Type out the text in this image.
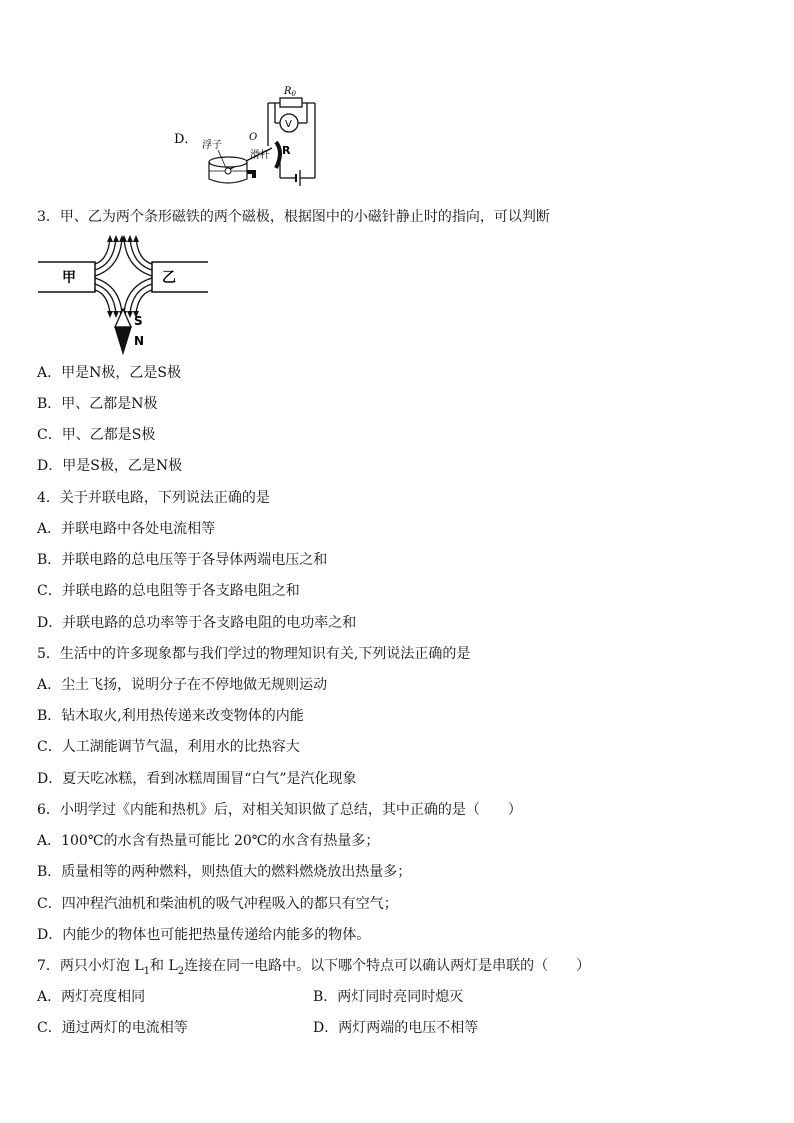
D．
$R_0$
V
R
O
滑杆
浮子
3．甲、乙为两个条形磁铁的两个磁极，根据图中的小磁针静止时的指向，可以判断
甲	乙
S
N
A．甲是N极，乙是S极
B．甲、乙都是N极
C．甲、乙都是S极
D．甲是S极，乙是N极
4．关于并联电路，下列说法正确的是
A．并联电路中各处电流相等
B．并联电路的总电压等于各导体两端电压之和
C．并联电路的总电阻等于各支路电阻之和
D．并联电路的总功率等于各支路电阻的电功率之和
5．生活中的许多现象都与我们学过的物理知识有关,下列说法正确的是
A．尘土飞扬，说明分子在不停地做无规则运动
B．钻木取火,利用热传递来改变物体的内能
C．人工湖能调节气温，利用水的比热容大
D．夏天吃冰糕，看到冰糕周围冒“白气”是汽化现象
6．小明学过《内能和热机》后，对相关知识做了总结，其中正确的是（　　）
A．100℃的水含有热量可能比 20℃的水含有热量多；
B．质量相等的两种燃料，则热值大的燃料燃烧放出热量多；
C．四冲程汽油机和柴油机的吸气冲程吸入的都只有空气；
D．内能少的物体也可能把热量传递给内能多的物体。
7．两只小灯泡 $L_1$和 $L_2$连接在同一电路中。以下哪个特点可以确认两灯是串联的（　　）
A．两灯亮度相同	B．两灯同时亮同时熄灭
C．通过两灯的电流相等	D．两灯两端的电压不相等
